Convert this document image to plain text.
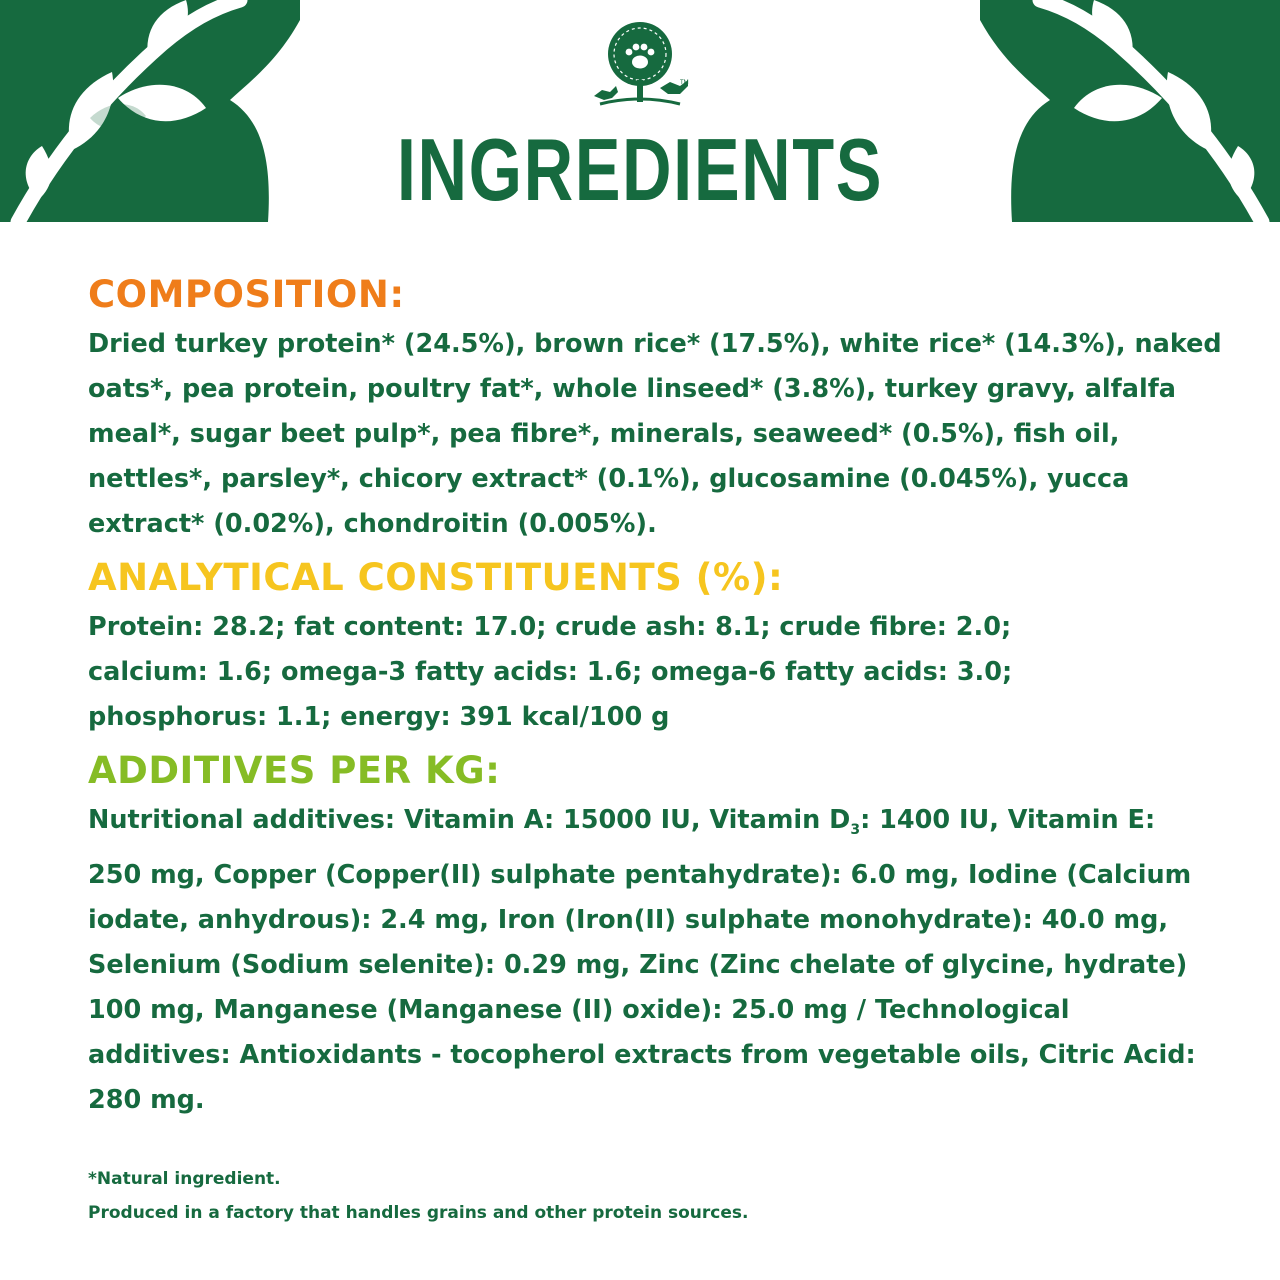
TM
INGREDIENTS
COMPOSITION:

Dried turkey protein* (24.5%), brown rice* (17.5%), white rice* (14.3%), naked oats*, pea protein, poultry fat*, whole linseed* (3.8%), turkey gravy, alfalfa meal*, sugar beet pulp*, pea fibre*, minerals, seaweed* (0.5%), fish oil, nettles*, parsley*, chicory extract* (0.1%), glucosamine (0.045%), yucca extract* (0.02%), chondroitin (0.005%).

ANALYTICAL CONSTITUENTS (%):

Protein: 28.2; fat content: 17.0; crude ash: 8.1; crude fibre: 2.0;
calcium: 1.6; omega-3 fatty acids: 1.6; omega-6 fatty acids: 3.0;
phosphorus: 1.1; energy: 391 kcal/100 g

ADDITIVES PER KG:

Nutritional additives: Vitamin A: 15000 IU, Vitamin $D_3$: 1400 IU, Vitamin E: 250 mg, Copper (Copper(II) sulphate pentahydrate): 6.0 mg, Iodine (Calcium iodate, anhydrous): 2.4 mg, Iron (Iron(II) sulphate monohydrate): 40.0 mg, Selenium (Sodium selenite): 0.29 mg, Zinc (Zinc chelate of glycine, hydrate) 100 mg, Manganese (Manganese (II) oxide): 25.0 mg / Technological additives: Antioxidants - tocopherol extracts from vegetable oils, Citric Acid: 280 mg.

*Natural ingredient.
Produced in a factory that handles grains and other protein sources.
